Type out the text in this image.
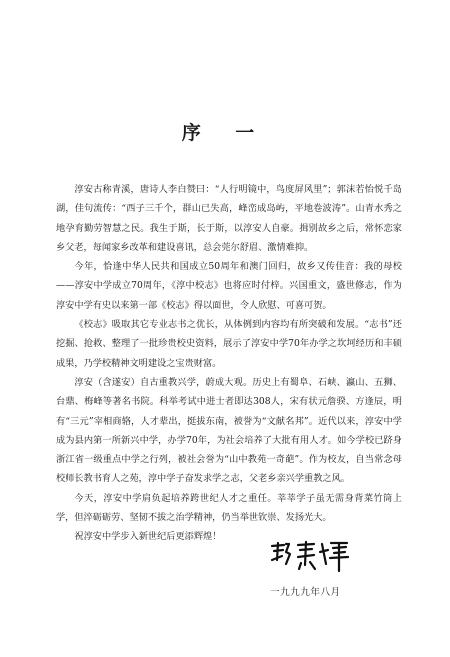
序 一

淳安古称青溪，唐诗人李白赞曰：“人行明镜中，鸟度屏风里”；郭沫若怡悦千岛湖，佳句流传：“西子三千个，群山已失高，峰峦成岛屿，平地卷波涛”。山青水秀之地孕育勤劳智慧之民。我生于斯，长于斯，以淳安人自豪。揖别故乡之后，常怀恋家乡父老，每闻家乡改革和建设喜讯，总会莞尔舒眉、激情难抑。

今年，恰逢中华人民共和国成立50周年和澳门回归，故乡又传佳音：我的母校——淳安中学成立70周年，《淳中校志》也将应时付梓。兴国重文，盛世修志，作为淳安中学有史以来第一部《校志》得以面世，令人欣慰、可喜可贺。

《校志》吸取其它专业志书之优长，从体例到内容均有所突破和发展。“志书”还挖掘、抢救、整理了一批珍贵校史资料，展示了淳安中学70年办学之坎坷经历和丰硕成果，乃学校精神文明建设之宝贵财富。

淳安（含遂安）自古重教兴学，蔚成大观。历史上有蜀阜、石峡、瀛山、五狮、台鼎、梅峰等著名书院。科举考试中进士者即达308人，宋有状元詹骙、方逢辰，明有“三元”宰相商辂，人才辈出，挺拔东南，被誉为“文献名邦”。近代以来，淳安中学成为县内第一所新兴中学，办学70年，为社会培养了大批有用人才。如今学校已跻身浙江省一级重点中学之行列，被社会誉为“山中教苑一奇葩”。作为校友，自当常念母校师长教书育人之苑，淳中学子奋发求学之志，父老乡亲兴学重教之风。

今天，淳安中学肩负起培养跨世纪人才之重任。莘莘学子虽无需身背菜竹筒上学，但淬砺砺劳、坚韧不拔之治学精神，仍当举世钦崇、发扬光大。

祝淳安中学步入新世纪后更添辉煌！

一九九九年八月
